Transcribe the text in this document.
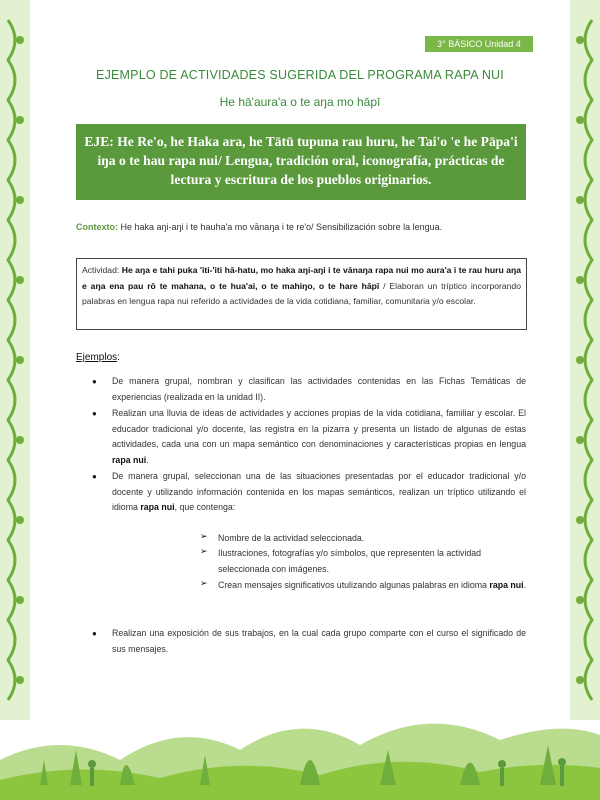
3° BÁSICO Unidad 4
EJEMPLO DE ACTIVIDADES SUGERIDA DEL PROGRAMA RAPA NUI
He hā'aura'a o te aŋa mo hāpī
EJE: He Re'o, he Haka ara, he Tātū tupuna rau huru, he Tai'o 'e he Pāpa'i iŋa o te hau rapa nui/ Lengua, tradición oral, iconografía, prácticas de lectura y escritura de los pueblos originarios.
Contexto: He haka aŋi-aŋi i te hauha'a mo vānaŋa i te re'o/ Sensibilización sobre la lengua.
Actividad: He aŋa e tahi puka 'iti-'iti hā-hatu, mo haka aŋi-aŋi i te vānaŋa rapa nui mo aura'a i te rau huru aŋa e aŋa ena pau rō te mahana, o te hua'ai, o te mahiŋo, o te hare hāpī / Elaboran un tríptico incorporando palabras en lengua rapa nui referido a actividades de la vida cotidiana, familiar, comunitaria y/o escolar.
Ejemplos:
● De manera grupal, nombran y clasifican las actividades contenidas en las Fichas Temáticas de experiencias (realizada en la unidad II).
● Realizan una lluvia de ideas de actividades y acciones propias de la vida cotidiana, familiar y escolar. El educador tradicional y/o docente, las registra en la pizarra y presenta un listado de algunas de estas actividades, cada una con un mapa semántico con denominaciones y características propias en lengua rapa nui.
● De manera grupal, seleccionan una de las situaciones presentadas por el educador tradicional y/o docente y utilizando información contenida en los mapas semánticos, realizan un tríptico utilizando el idioma rapa nui, que contenga:
➢ Nombre de la actividad seleccionada.
➢ Ilustraciones, fotografías y/o símbolos, que representen la actividad seleccionada con imágenes.
➢ Crean mensajes significativos utulizando algunas palabras en idioma rapa nui.
● Realizan una exposición de sus trabajos, en la cual cada grupo comparte con el curso el significado de sus mensajes.
